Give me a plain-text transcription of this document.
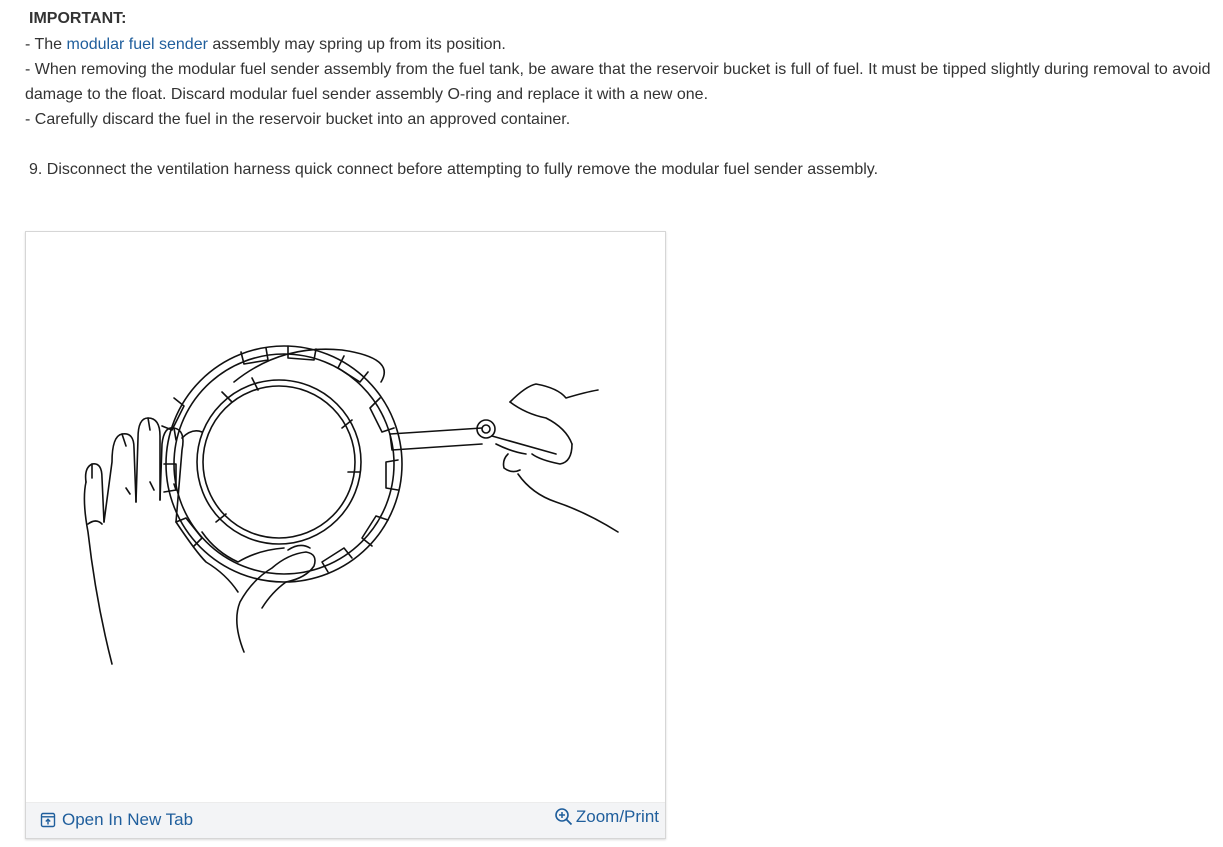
IMPORTANT:
- The modular fuel sender assembly may spring up from its position.
- When removing the modular fuel sender assembly from the fuel tank, be aware that the reservoir bucket is full of fuel. It must be tipped slightly during removal to avoid damage to the float. Discard modular fuel sender assembly O-ring and replace it with a new one.
- Carefully discard the fuel in the reservoir bucket into an approved container.
9. Disconnect the ventilation harness quick connect before attempting to fully remove the modular fuel sender assembly.
Open In New Tab	Zoom/Print
